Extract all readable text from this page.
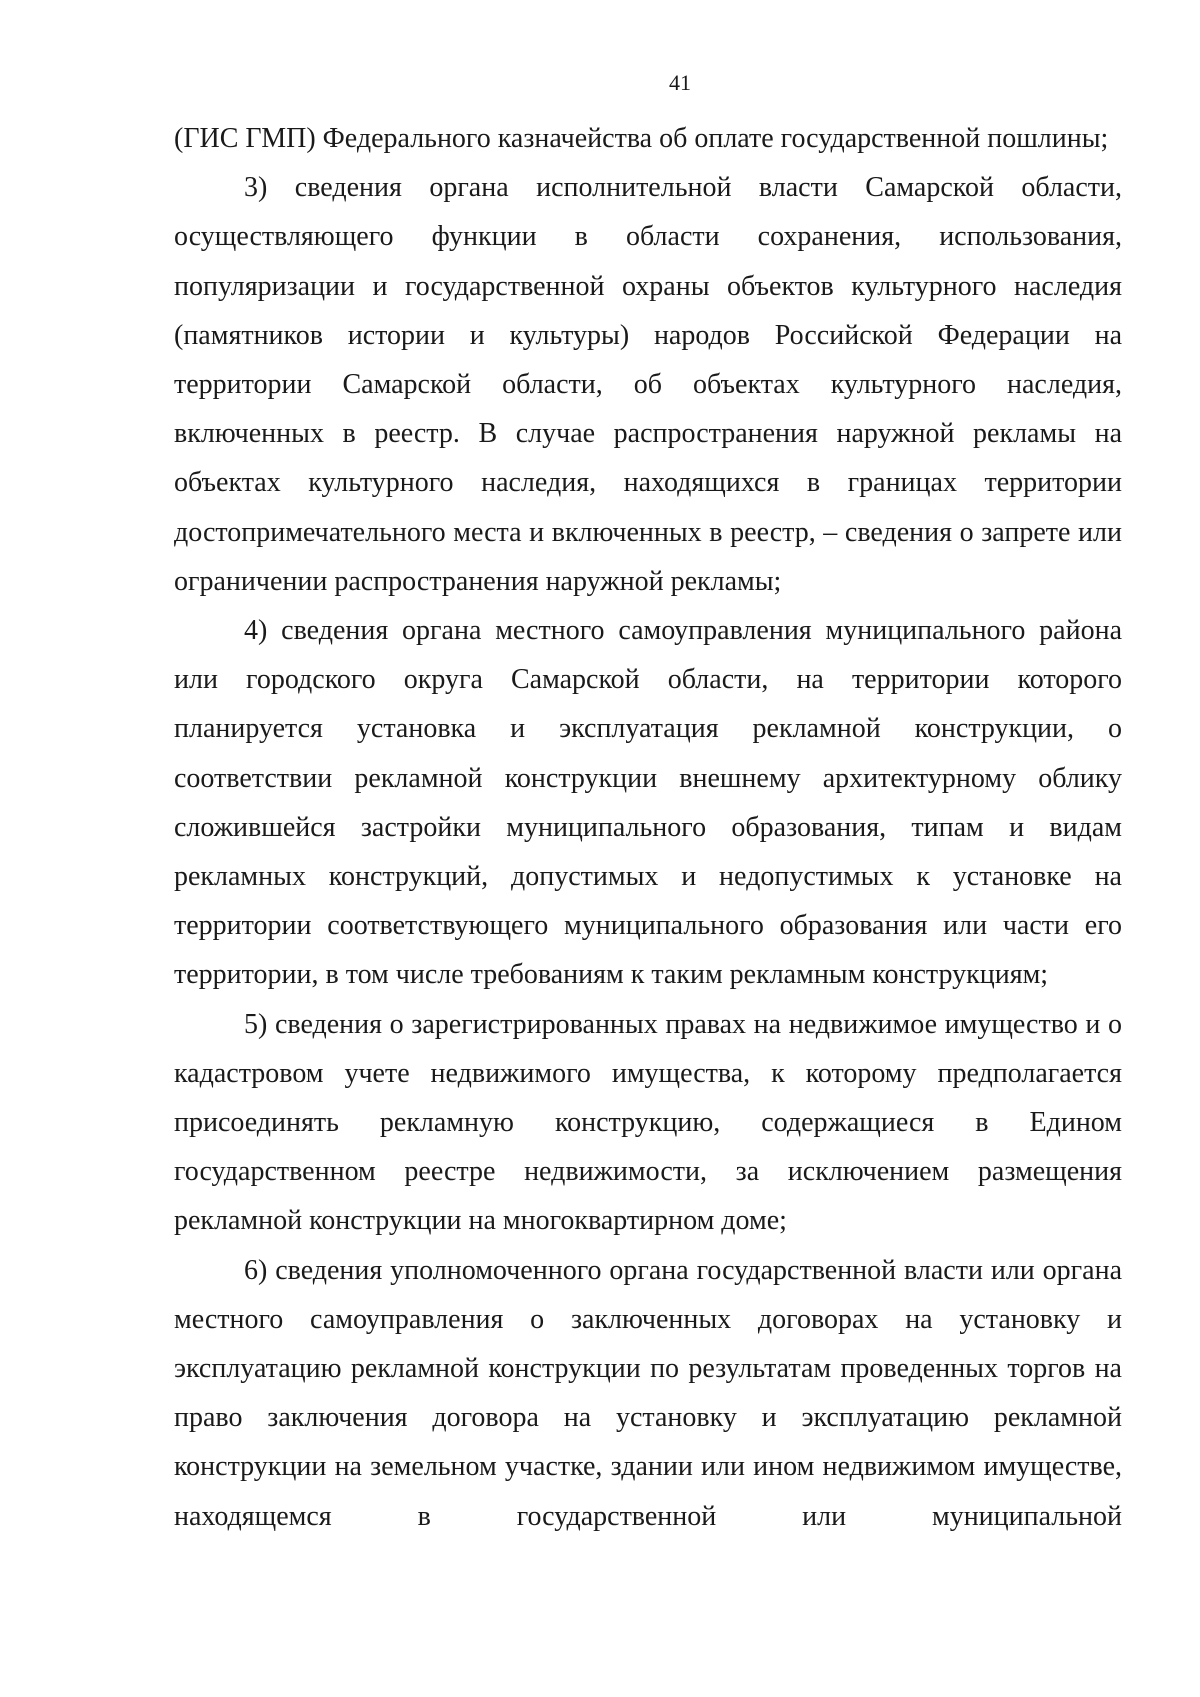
41

(ГИС ГМП) Федерального казначейства об оплате государственной пошлины;

3) сведения органа исполнительной власти Самарской области, осуществляющего функции в области сохранения, использования, популяризации и государственной охраны объектов культурного наследия (памятников истории и культуры) народов Российской Федерации на территории Самарской области, об объектах культурного наследия, включенных в реестр. В случае распространения наружной рекламы на объектах культурного наследия, находящихся в границах территории достопримечательного места и включенных в реестр, – сведения о запрете или ограничении распространения наружной рекламы;

4) сведения органа местного самоуправления муниципального района или городского округа Самарской области, на территории которого планируется установка и эксплуатация рекламной конструкции, о соответствии рекламной конструкции внешнему архитектурному облику сложившейся застройки муниципального образования, типам и видам рекламных конструкций, допустимых и недопустимых к установке на территории соответствующего муниципального образования или части его территории, в том числе требованиям к таким рекламным конструкциям;

5) сведения о зарегистрированных правах на недвижимое имущество и о кадастровом учете недвижимого имущества, к которому предполагается присоединять рекламную конструкцию, содержащиеся в Едином государственном реестре недвижимости, за исключением размещения рекламной конструкции на многоквартирном доме;

6) сведения уполномоченного органа государственной власти или органа местного самоуправления о заключенных договорах на установку и эксплуатацию рекламной конструкции по результатам проведенных торгов на право заключения договора на установку и эксплуатацию рекламной конструкции на земельном участке, здании или ином недвижимом имуществе, находящемся в государственной или муниципальной
